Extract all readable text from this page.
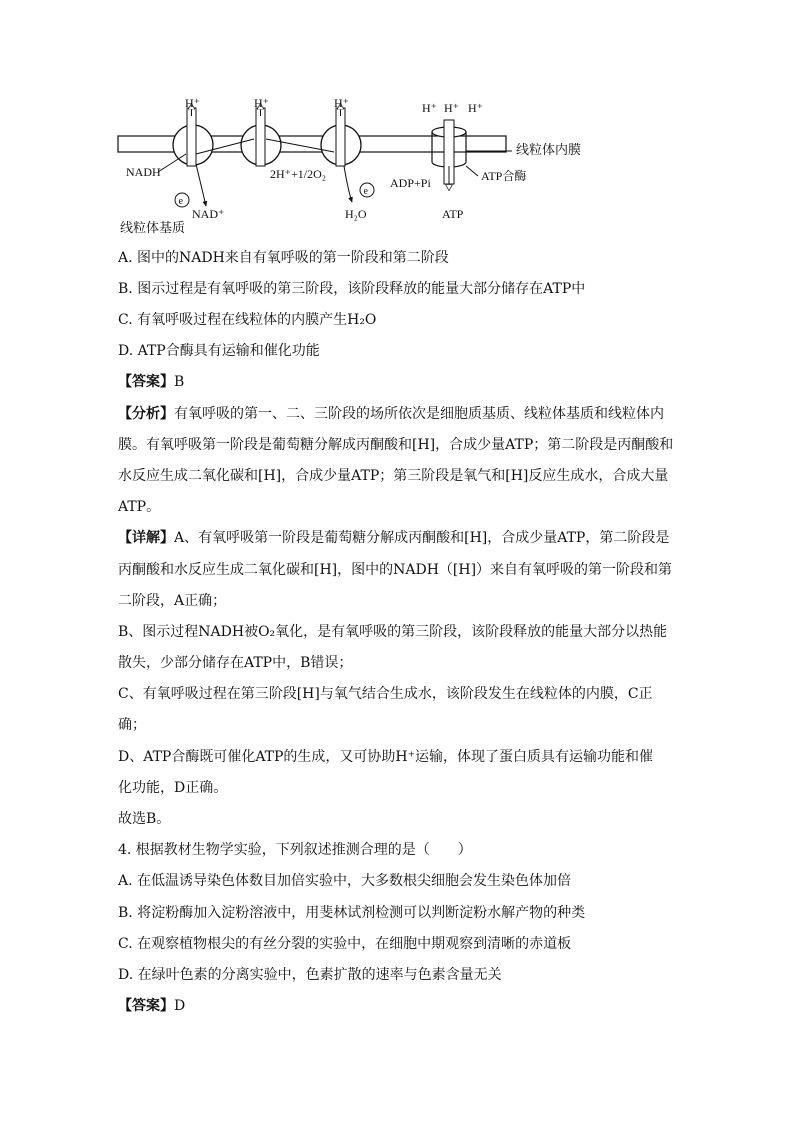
H⁺	H⁺	H⁺	H⁺ H⁺ H⁺
线粒体内膜
NADH
e
NAD⁺
2H⁺+1/2O₂
e
H₂O
ADP+Pi	ATP合酶
ATP
线粒体基质
A. 图中的NADH来自有氧呼吸的第一阶段和第二阶段
B. 图示过程是有氧呼吸的第三阶段，该阶段释放的能量大部分储存在ATP中
C. 有氧呼吸过程在线粒体的内膜产生H₂O
D. ATP合酶具有运输和催化功能
【答案】B
【分析】有氧呼吸的第一、二、三阶段的场所依次是细胞质基质、线粒体基质和线粒体内
膜。有氧呼吸第一阶段是葡萄糖分解成丙酮酸和[H]，合成少量ATP；第二阶段是丙酮酸和
水反应生成二氧化碳和[H]，合成少量ATP；第三阶段是氧气和[H]反应生成水，合成大量
ATP。
【详解】A、有氧呼吸第一阶段是葡萄糖分解成丙酮酸和[H]，合成少量ATP，第二阶段是
丙酮酸和水反应生成二氧化碳和[H]，图中的NADH（[H]）来自有氧呼吸的第一阶段和第
二阶段，A正确；
B、图示过程NADH被O₂氧化，是有氧呼吸的第三阶段，该阶段释放的能量大部分以热能
散失，少部分储存在ATP中，B错误；
C、有氧呼吸过程在第三阶段[H]与氧气结合生成水，该阶段发生在线粒体的内膜，C正
确；
D、ATP合酶既可催化ATP的生成，又可协助H⁺运输，体现了蛋白质具有运输功能和催
化功能，D正确。
故选B。
4. 根据教材生物学实验，下列叙述推测合理的是（　　）
A. 在低温诱导染色体数目加倍实验中，大多数根尖细胞会发生染色体加倍
B. 将淀粉酶加入淀粉溶液中，用斐林试剂检测可以判断淀粉水解产物的种类
C. 在观察植物根尖的有丝分裂的实验中，在细胞中期观察到清晰的赤道板
D. 在绿叶色素的分离实验中，色素扩散的速率与色素含量无关
【答案】D
